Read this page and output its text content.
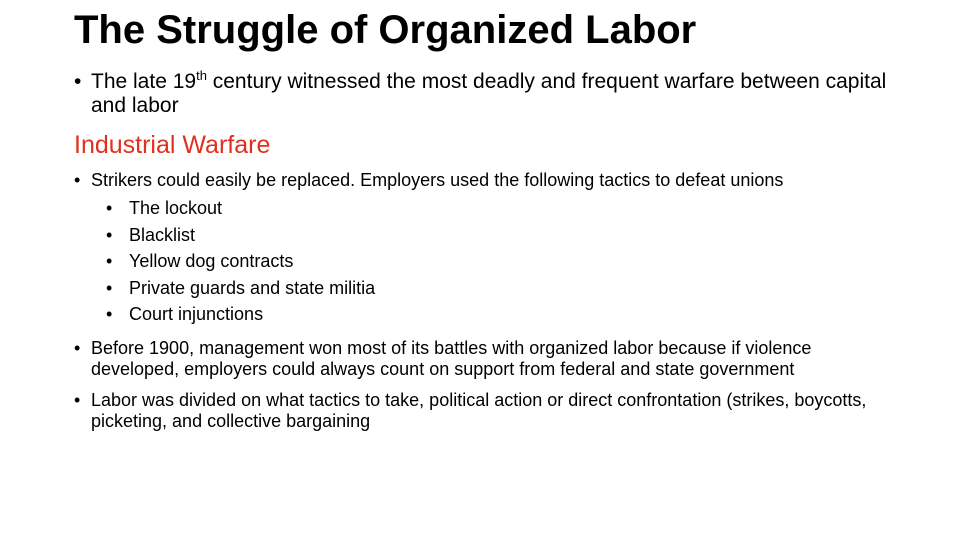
The Struggle of Organized Labor
• The late 19th century witnessed the most deadly and frequent warfare between capital and labor
Industrial Warfare
• Strikers could easily be replaced. Employers used the following tactics to defeat unions
• The lockout
• Blacklist
• Yellow dog contracts
• Private guards and state militia
• Court injunctions
• Before 1900, management won most of its battles with organized labor because if violence developed, employers could always count on support from federal and state government
• Labor was divided on what tactics to take, political action or direct confrontation (strikes, boycotts, picketing, and collective bargaining
